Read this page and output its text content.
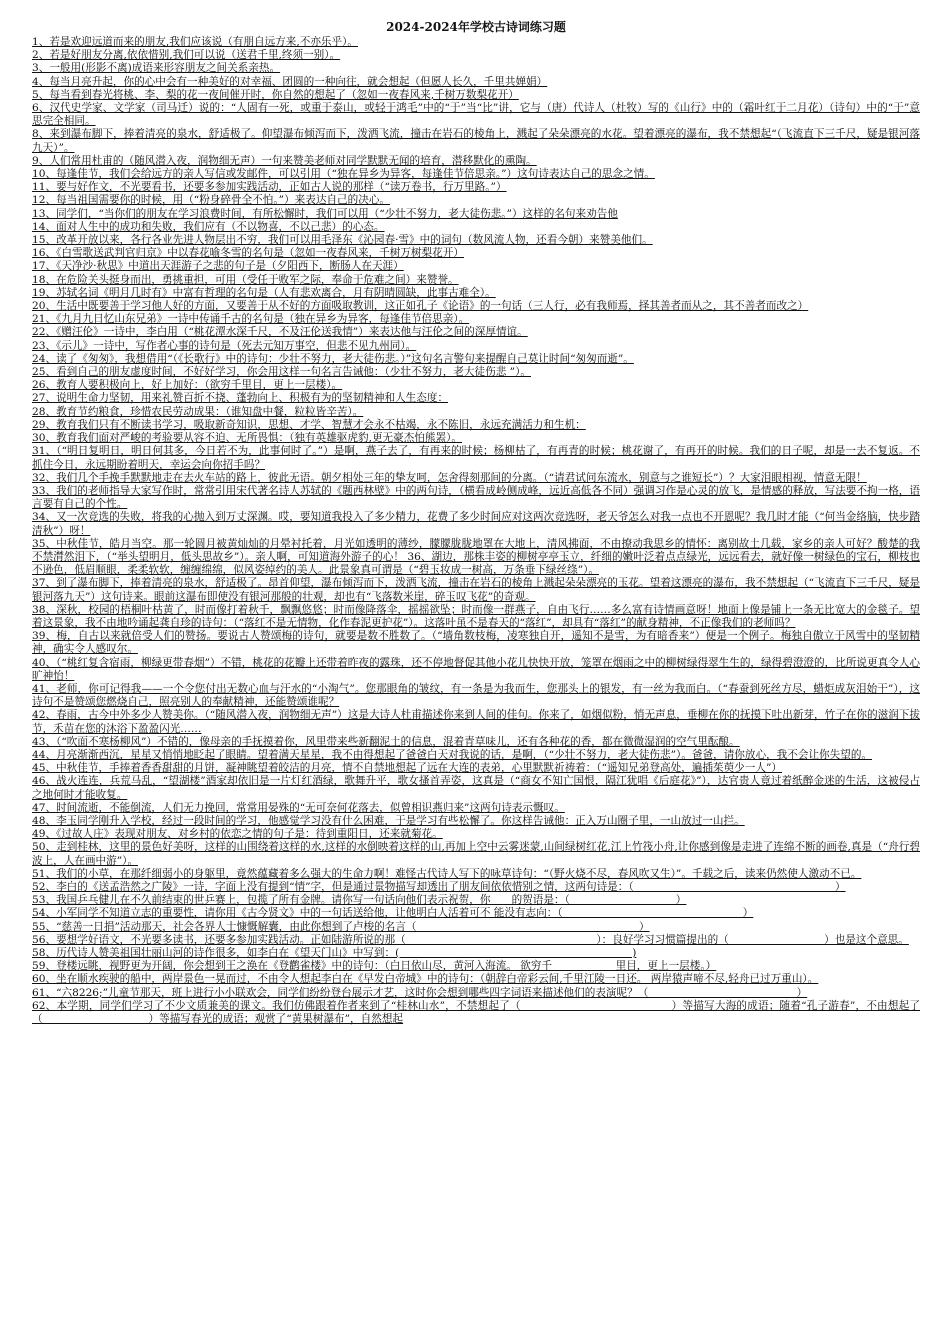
2024-2024年学校古诗词练习题

1、若是欢迎远道而来的朋友,我们应该说（有朋自远方来,不亦乐乎）。

2、若是好朋友分离,依依惜别,我们可以说（送君千里,终须一别）。

3、一般用(形影不离)成语来形容朋友之间关系亲热。

4、每当月亮升起，你的心中会有一种美好的对幸福、团圆的一种向往，就会想起（但愿人长久，千里共婵娟）

5、每当看到春光将桃、李、梨的花一夜间催开时，你自然的想起了（忽如一夜春风来,千树万数梨花开）

6、汉代史学家、文学家（司马迁）说的：“人固有一死，或重于泰山，或轻于鸿毛”中的“于”当“比”讲，它与（唐）代诗人（杜牧）写的《山行》中的（霜叶红于二月花）（诗句）中的“于”意思完全相同。

8、来到瀑布脚下，捧着清亮的泉水，舒适极了。仰望瀑布倾泻而下，泼洒飞流，撞击在岩石的棱角上，溅起了朵朵漂亮的水花。望着漂亮的瀑布，我不禁想起“（飞流直下三千尺，疑是银河落九天）”。

9、人们常用杜甫的（随风潜入夜，润物细无声）一句来赞美老师对同学默默无闻的培育，潜移默化的熏陶。

10、每逢佳节，我们会给远方的亲人写信或发邮件，可以引用（“独在异乡为异客，每逢佳节倍思亲。”）这句诗表达自己的思念之情。

11、要与好作文，不光要看书，还要多参加实践活动，正如古人说的那样（“读万卷书，行万里路。”）

12、每当祖国需要你的时候，用（“粉身碎骨全不怕。”）来表达自己的决心。

13、同学们，“当你们的朋友在学习浪费时间，有所松懈时，我们可以用（“少壮不努力，老大徒伤悲。”）这样的名句来劝告他

14、面对人生中的成功和失败，我们应有（不以物喜，不以己悲）的心态。

15、改革开放以来，各行各业先进人物层出不穷，我们可以用毛泽东《沁园春·雪》中的词句（数风流人物，还看今朝）来赞美他们。

16、《白雪歌送武判官归京》中以春花喻冬雪的名句是（忽如一夜春风来，千树万树梨花开）

17、《天净沙·秋思》中道出天涯游子之悲的句子是（夕阳西下，断肠人在天涯）

18、在危险关头挺身而出，勇挑重担，可用（受任于败军之际，奉命于危难之间）来赞誉。

19、苏轼名词《明月几时有》中富有哲理的名句是（人有悲欢离合，月有阴晴圆缺，此事古难全）。

20、生活中既要善于学习他人好的方面，又要善于从不好的方面吸取教训，这正如孔子《论语》的一句话（三人行，必有我师焉，择其善者而从之，其不善者而改之）

21、《九月九日忆山东兄弟》一诗中传诵千古的名句是（独在异乡为异客，每逢佳节倍思亲）。

22、《赠汪伦》一诗中，李白用（“桃花潭水深千尺，不及汪伦送我情”）来表达他与汪伦之间的深厚情谊。

23、《示儿》一诗中，写作者心事的诗句是（死去元知万事空，但悲不见九州同）。

24、读了《匆匆》，我想借用“（《长歌行》中的诗句：少壮不努力，老大徒伤悲。）”这句名言警句来提醒自己莫让时间“匆匆而逝”。

25、看到自己的朋友虚度时间，不好好学习，你会用这样一句名言告诫他：（少壮不努力，老大徒伤悲 ”）。

26、教育人要积极向上，好上加好：（欲穷千里目，更上一层楼）。

27、说明生命力坚韧，用来礼赞百折不挠、蓬勃向上、积极有为的坚韧精神和人生态度：

28、教育节约粮食，珍惜农民劳动成果：（谁知盘中餐，粒粒皆辛苦）。

29、教育我们只有不断读书学习，吸取新奇知识，思想、才学、智慧才会永不枯竭，永不陈旧，永远充满活力和生机：

30、教育我们面对严峻的考验要从容不迫、无所畏惧：（独有英雄驱虎豹,更无豪杰怕熊罴）。

31、（“明日复明日，明日何其多，今日若不为，此事何时了。”）是啊，燕子去了，有再来的时候；杨柳枯了，有再青的时候；桃花谢了，有再开的时候。我们的日子呢，却是一去不复返。不抓住今日，永远期盼着明天，幸运会向你招手吗？

32、我们几个手挽手默默地走在去火车站的路上，彼此无语。朝夕相处三年的挚友呵，怎舍得刻那间的分离。（“请君试问东流水，别意与之谁短长”）？大家泪眼相视，情意无限！

33、我们的老师指导大家写作时，常常引用宋代著名诗人苏轼的《题西林壁》中的两句诗，（横看成岭侧成峰，远近高低各不同）强调习作是心灵的放飞，是情感的释放，写法要不拘一格，语言要有自己的个性。

34、又一次竞选的失败，将我的心抛入到万丈深渊。哎，要知道我投入了多少精力，花费了多少时间应对这两次竞选呀，老天爷怎么对我一点也不开恩呢？我几时才能（“何当金络脑，快步踏清秋”）呀！

35、中秋佳节，皓月当空。那一轮圆月被黄灿灿的月晕衬托着，月光如透明的薄纱，朦朦胧胧地罩在大地上，清风拂面，不由撩动我思乡的情怀：离别故土几载，家乡的亲人可好？酸楚的我不禁潸然泪下，（“举头望明月，低头思故乡”）。亲人啊，可知道海外游子的心！ 36、湖边，那株丰姿的柳树亭亭玉立，纤细的嫩叶泛着点点绿光，远远看去，就好像一树绿色的宝石，柳枝也不逊色，低眉顺眼，柔柔软软，缠缠绵绵，似风姿绰约的美人。此景象真可谓是（“碧玉妆成一树高，万条垂下绿丝绦”）。

37、到了瀑布脚下，捧着清亮的泉水，舒适极了。昂首仰望，瀑布倾泻而下，泼洒飞流，撞击在岩石的棱角上溅起朵朵漂亮的玉花。望着这漂亮的瀑布，我不禁想起（“飞流直下三千尺，疑是银河落九天”）这句诗来。眼前这瀑布即使没有银河那般的壮观，却也有“飞落数米崖，碎玉叹飞花”的奇观。

38、深秋，校园的梧桐叶枯黄了，时而像打着秋千，飘飘悠悠；时而像降落伞，摇摇欲坠；时而像一群燕子，自由飞行……多么富有诗情画意呀！地面上像是铺上一条无比宽大的金毯子。望着这景象，我不由地吟诵起龚自珍的诗句：（“落红不是无情物，化作春泥更护花”）。这落叶虽不是春天的“落红”，却具有“落红”的献身精神，不正像我们的老师吗？

39、梅，自古以来就倍受人们的赞扬。要说古人赞颂梅的诗句，就要是数不胜数了。（“墙角数枝梅，凌寒独自开，遥知不是雪，为有暗香来”）便是一个例子。梅独自傲立于风雪中的坚韧精神，确实令人感叹尔。

40、（“桃红复含宿雨，柳绿更带春烟”）不错，桃花的花瓣上还带着昨夜的露珠，还不停地督促其他小花儿快快开放，笼罩在烟雨之中的柳树绿得翠生生的，绿得碧澄澄的，比所说更真令人心旷神怡！

41、老师，你可记得我——一个令您付出无数心血与汗水的“小淘气”。您那眼角的皱纹，有一条是为我而生，您那头上的银发，有一丝为我而白。（“春蚕到死丝方尽，蜡炬成灰泪始干”），这诗句不是赞颂您燃烧自己，照亮别人的奉献精神，还能赞颂谁呢？

42、春雨，古今中外多少人赞美你。（“随风潜入夜，润物细无声”）这是大诗人杜甫描述你来到人间的佳句。你来了，如烟似粉，悄无声息，垂柳在你的抚摸下吐出新芽，竹子在你的滋润下拔节，禾苗在您的沐浴下盈盈闪光……

43、（“吹面不寒杨柳风”）不错的，像母亲的手抚摸着你，风里带来些新翻泥土的信息，混着青草味儿，还有各种花的香，都在微微湿润的空气里酝酿。

44、月亮渐渐西沉，星星又悄悄地眨起了眼睛。望着满天星星，我不由得想起了爸爸白天对我说的话，是啊，（“少壮不努力，老大徒伤悲”）。爸爸，请你放心，我不会让你失望的。

45、中秋佳节，手捧着香香甜甜的月饼，凝神眺望着皎洁的月亮，情不自禁地想起了远在大连的表弟，心里默默祈祷着：（“遥知兄弟登高处，遍插茱萸少一人”）

46、战火连连，兵荒马乱，“望湖楼”酒家却依旧是一片灯红酒绿，歌舞升平，歌女搔首弄姿，这真是（“商女不知亡国恨，隔江犹唱《后庭花》”），达官贵人竟过着纸醉金迷的生活，这被侵占之地何时才能收复。

47、时间流逝，不能倒流，人们无力挽回，常常用晏殊的“无可奈何花落去，似曾相识燕归来”这两句诗表示慨叹。

48、李玉同学刚升入学校，经过一段时间的学习，他感觉学习没有什么困难，于是学习有些松懈了。你这样告诫他：正入万山圈子里，一山放过一山拦。

49、《过故人庄》表现对朋友、对乡村的依恋之情的句子是：待到重阳日，还来就菊花。

50、走到桂林，这里的景色好美呀，这样的山围绕着这样的水,这样的水倒映着这样的山,再加上空中云雾迷蒙,山间绿树红花,江上竹筏小舟,让你感到像是走进了连绵不断的画卷,真是（“舟行碧波上，人在画中游”）。

51、我们的小草，在那纤细弱小的身躯里，竟然蕴藏着多么强大的生命力啊！难怪古代诗人写下的咏草诗句：“（野火烧不尽，春风吹又生）”。千载之后，读来仍然使人激动不已。

52、李白的《送孟浩然之广陵》一诗，字面上没有提到“情”字，但是通过景物描写却透出了朋友间依依惜别之情，这两句诗是：（　　　　　　　　　　　　　　　　　　　）

53、我国乒乓健儿在不久前结束的世乒赛上，包揽了所有金牌。请你写一句话向他们表示祝贺，你　　的贺语是：（　　　　　　　　　　）

54、小军同学不知道立志的重要性，请你用《古今贤文》中的一句话送给他，让他明白人活着可不 能没有志向：（　　　　　　　　　　　　　　　　　）

55、“慈善一日捐”活动那天，社会各界人士慷慨解囊，由此你想到了卢梭的名言（　　　　　　　　　　　　　　　　　　　　　）

56、要想学好语文，不光要多读书，还要多参加实践活动。正如陆游所说的那（　　　　　　　　　　　　　　　　　　）：良好学习习惯篇提出的（　　　　　　　　　）也是这个意思。

58、历代诗人赞美祖国壮丽山河的诗作很多，如李白在《望天门山》中写到：(　　　　　　　　　　　　　　　　　　　　　　)

59、登楼远眺，视野更为开阔，你会想到王之涣在《登鹳雀楼》中的诗句：（白日依山尽，黄河入海流。 欲穷千　　　　　　里目，更上一层楼。）

60、坐在顺水疾驶的船中，两岸景色一晃而过，不由令人想起李白在《早发白帝城》中的诗句：（朝辞白帝彩云间,千里江陵一日还。 两岸猿声啼不尽,轻舟已过万重山）。

61、“六8226;”儿童节那天，班上进行小小联欢会，同学们纷纷登台展示才艺，这时你会想到哪些四字词语来描述他们的表演呢？（　　　　　　　　　　　　　　）

62、本学期，同学们学习了不少文质兼美的课文。我们仿佛跟着作者来到了“桂林山水”，不禁想起了（　　　　　　　　　　　　　　）等描写大海的成语；随着“孔子游春”，不由想起了（　　　　　　　　　　）等描写春光的成语；观赏了“黄果树瀑布”，自然想起
